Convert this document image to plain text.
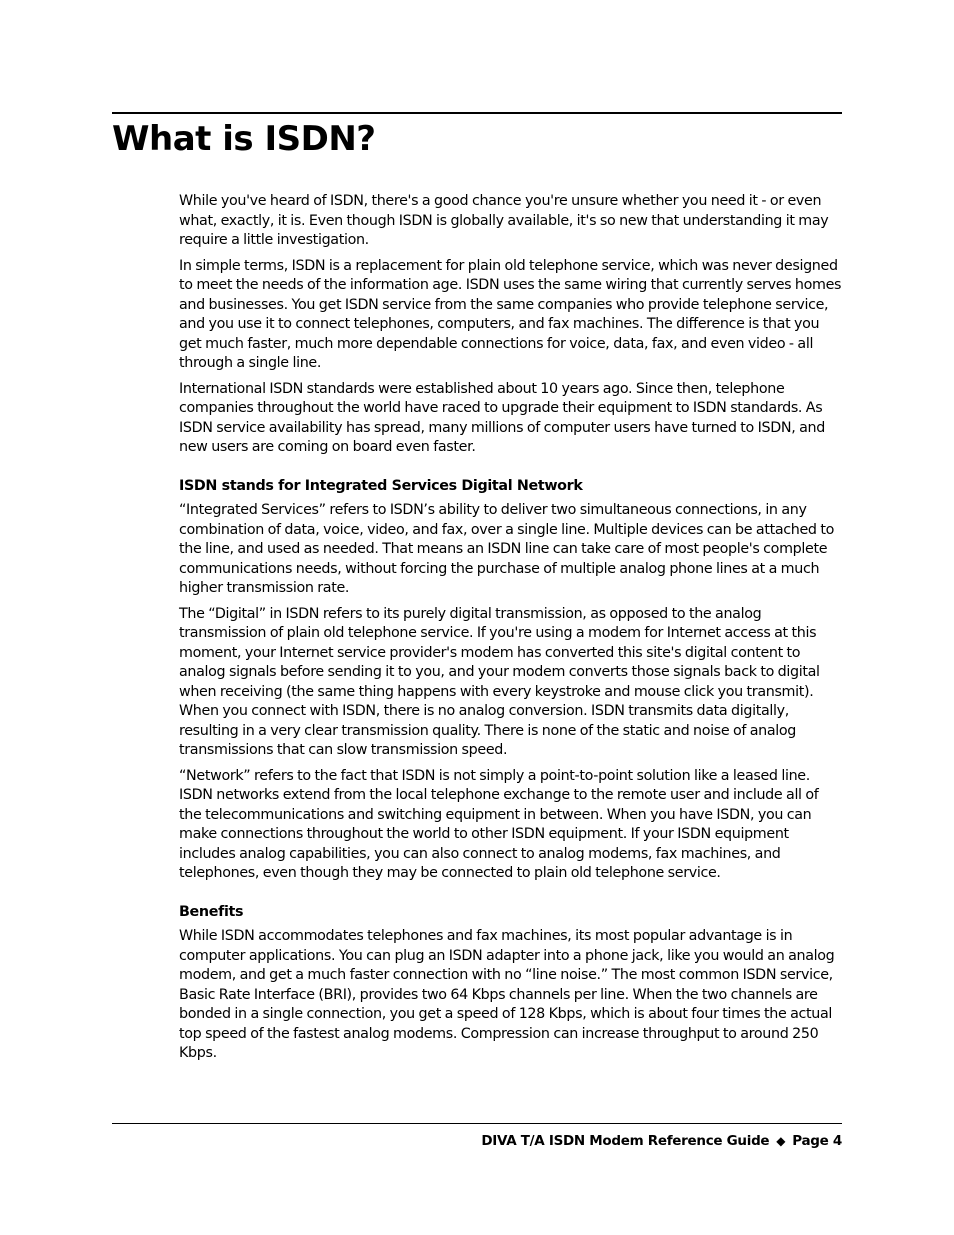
What is ISDN?

While you've heard of ISDN, there's a good chance you're unsure whether you need it - or even what, exactly, it is. Even though ISDN is globally available, it's so new that understanding it may require a little investigation.

In simple terms, ISDN is a replacement for plain old telephone service, which was never designed to meet the needs of the information age. ISDN uses the same wiring that currently serves homes and businesses. You get ISDN service from the same companies who provide telephone service, and you use it to connect telephones, computers, and fax machines. The difference is that you get much faster, much more dependable connections for voice, data, fax, and even video - all through a single line.

International ISDN standards were established about 10 years ago. Since then, telephone companies throughout the world have raced to upgrade their equipment to ISDN standards. As ISDN service availability has spread, many millions of computer users have turned to ISDN, and new users are coming on board even faster.

ISDN stands for Integrated Services Digital Network

“Integrated Services” refers to ISDN’s ability to deliver two simultaneous connections, in any combination of data, voice, video, and fax, over a single line. Multiple devices can be attached to the line, and used as needed. That means an ISDN line can take care of most people's complete communications needs, without forcing the purchase of multiple analog phone lines at a much higher transmission rate.

The “Digital” in ISDN refers to its purely digital transmission, as opposed to the analog transmission of plain old telephone service. If you're using a modem for Internet access at this moment, your Internet service provider's modem has converted this site's digital content to analog signals before sending it to you, and your modem converts those signals back to digital when receiving (the same thing happens with every keystroke and mouse click you transmit). When you connect with ISDN, there is no analog conversion. ISDN transmits data digitally, resulting in a very clear transmission quality. There is none of the static and noise of analog transmissions that can slow transmission speed.

“Network” refers to the fact that ISDN is not simply a point-to-point solution like a leased line. ISDN networks extend from the local telephone exchange to the remote user and include all of the telecommunications and switching equipment in between. When you have ISDN, you can make connections throughout the world to other ISDN equipment. If your ISDN equipment includes analog capabilities, you can also connect to analog modems, fax machines, and telephones, even though they may be connected to plain old telephone service.

Benefits

While ISDN accommodates telephones and fax machines, its most popular advantage is in computer applications. You can plug an ISDN adapter into a phone jack, like you would an analog modem, and get a much faster connection with no “line noise.” The most common ISDN service, Basic Rate Interface (BRI), provides two 64 Kbps channels per line. When the two channels are bonded in a single connection, you get a speed of 128 Kbps, which is about four times the actual top speed of the fastest analog modems. Compression can increase throughput to around 250 Kbps.

DIVA T/A ISDN Modem Reference Guide ◆ Page 4
